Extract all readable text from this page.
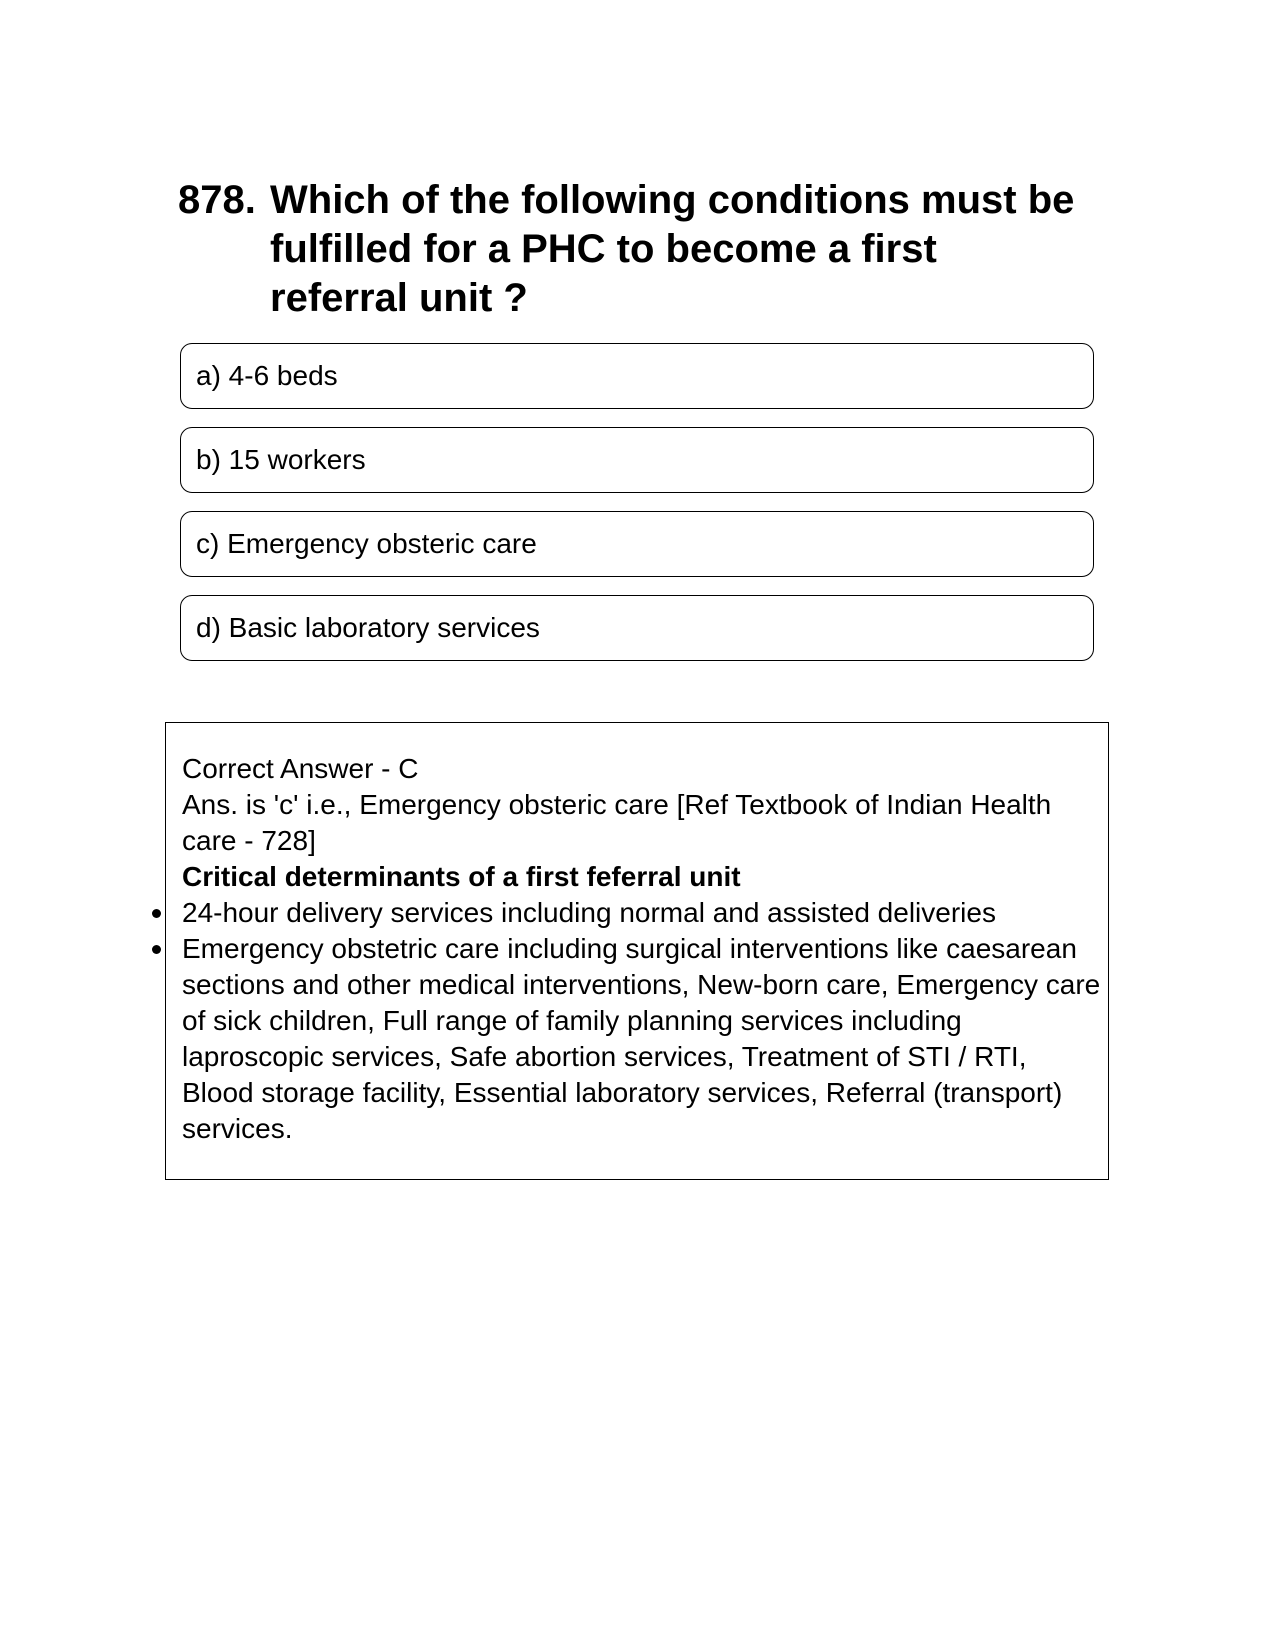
878. Which of the following conditions must be fulfilled for a PHC to become a first referral unit ?
a) 4-6 beds
b) 15 workers
c) Emergency obsteric care
d) Basic laboratory services
Correct Answer - C
Ans. is 'c' i.e., Emergency obsteric care [Ref Textbook of Indian Health care - 728]
Critical determinants of a first feferral unit
24-hour delivery services including normal and assisted deliveries
Emergency obstetric care including surgical interventions like caesarean sections and other medical interventions, New-born care, Emergency care of sick children, Full range of family planning services including laproscopic services, Safe abortion services, Treatment of STI / RTI, Blood storage facility, Essential laboratory services, Referral (transport) services.
